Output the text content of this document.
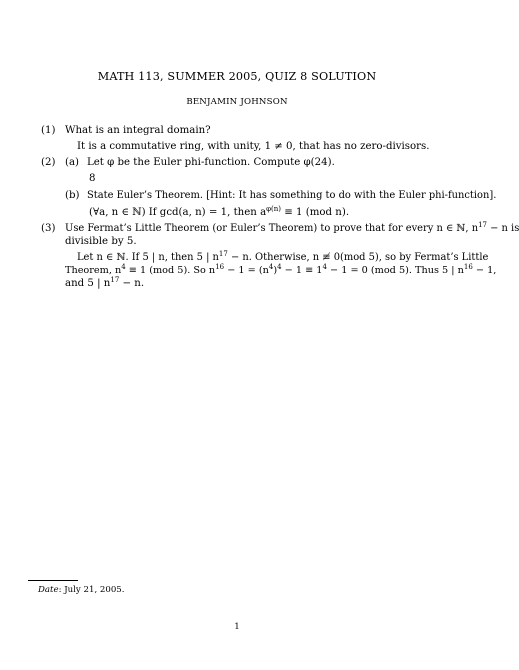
MATH 113, SUMMER 2005, QUIZ 8 SOLUTION
BENJAMIN JOHNSON
(1) What is an integral domain?
It is a commutative ring, with unity, 1 ≠ 0, that has no zero-divisors.
(2) (a) Let φ be the Euler phi-function. Compute φ(24).
8
(b) State Euler’s Theorem. [Hint: It has something to do with the Euler phi-function].
(∀a, n ∈ ℕ) If gcd(a, n) = 1, then $a^{\varphi(n)} \equiv 1$ (mod n).
(3) Use Fermat’s Little Theorem (or Euler’s Theorem) to prove that for every n ∈ ℕ, $n^{17} - n$ is
divisible by 5.
Let n ∈ ℕ. If 5 | n, then 5 | $n^{17} - n$. Otherwise, n ≢ 0(mod 5), so by Fermat’s Little
Theorem, $n^4 \equiv 1$ (mod 5). So $n^{16} - 1 = (n^4)^4 - 1 \equiv 1^4 - 1 = 0$ (mod 5). Thus 5 | $n^{16} - 1$,
and 5 | $n^{17} - n$.
Date: July 21, 2005.
1
